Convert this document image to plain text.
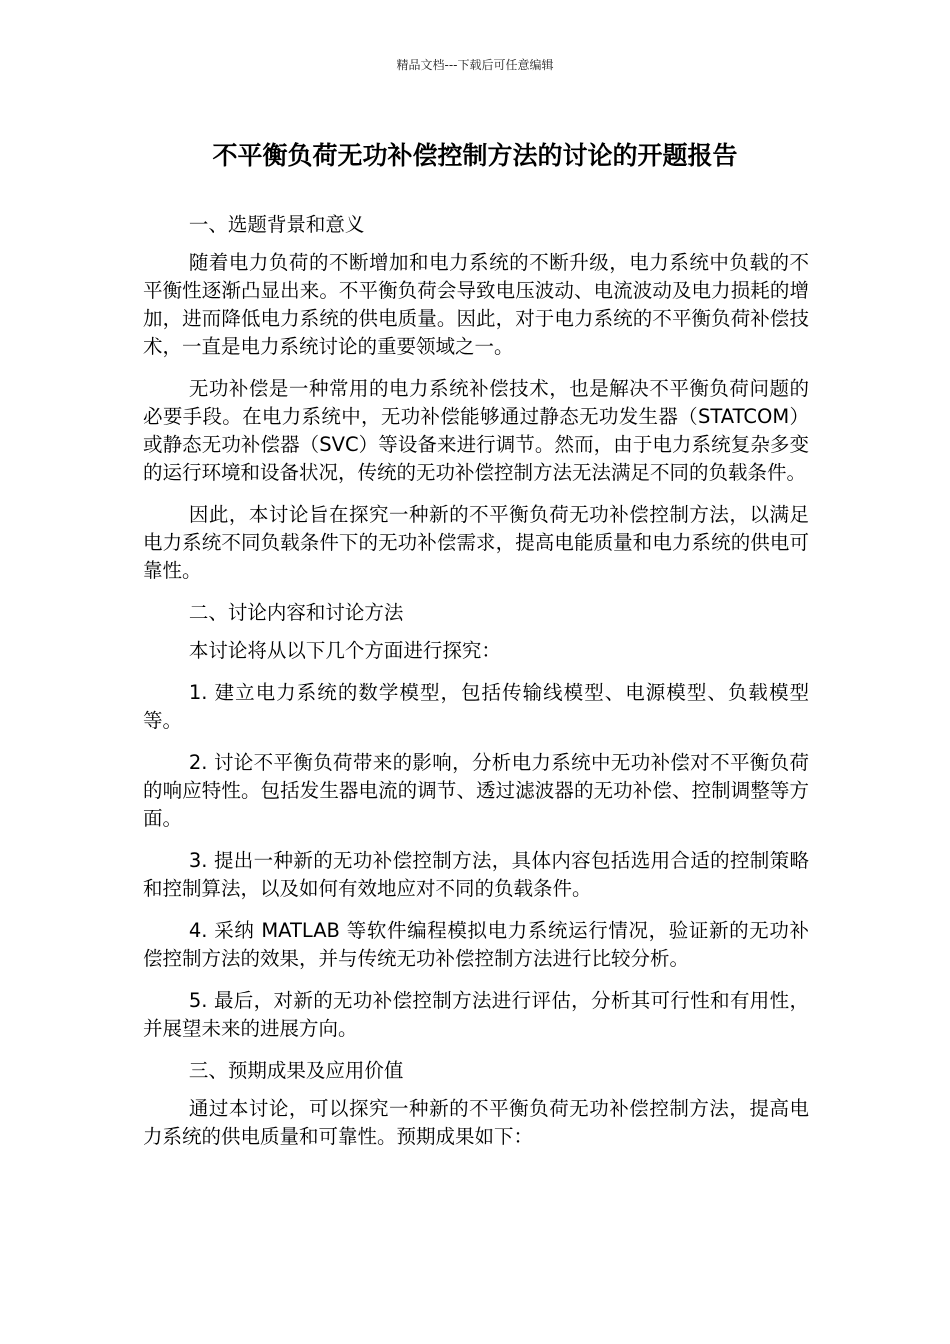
精品文档---下载后可任意编辑
不平衡负荷无功补偿控制方法的讨论的开题报告

一、选题背景和意义

随着电力负荷的不断增加和电力系统的不断升级，电力系统中负载的不平衡性逐渐凸显出来。不平衡负荷会导致电压波动、电流波动及电力损耗的增加，进而降低电力系统的供电质量。因此，对于电力系统的不平衡负荷补偿技术，一直是电力系统讨论的重要领域之一。

无功补偿是一种常用的电力系统补偿技术，也是解决不平衡负荷问题的必要手段。在电力系统中，无功补偿能够通过静态无功发生器（STATCOM）或静态无功补偿器（SVC）等设备来进行调节。然而，由于电力系统复杂多变的运行环境和设备状况，传统的无功补偿控制方法无法满足不同的负载条件。

因此，本讨论旨在探究一种新的不平衡负荷无功补偿控制方法，以满足电力系统不同负载条件下的无功补偿需求，提高电能质量和电力系统的供电可靠性。

二、讨论内容和讨论方法

本讨论将从以下几个方面进行探究：

1. 建立电力系统的数学模型，包括传输线模型、电源模型、负载模型等。

2. 讨论不平衡负荷带来的影响，分析电力系统中无功补偿对不平衡负荷的响应特性。包括发生器电流的调节、透过滤波器的无功补偿、控制调整等方面。

3. 提出一种新的无功补偿控制方法，具体内容包括选用合适的控制策略和控制算法，以及如何有效地应对不同的负载条件。

4. 采纳 MATLAB 等软件编程模拟电力系统运行情况，验证新的无功补偿控制方法的效果，并与传统无功补偿控制方法进行比较分析。

5. 最后，对新的无功补偿控制方法进行评估，分析其可行性和有用性，并展望未来的进展方向。

三、预期成果及应用价值

通过本讨论，可以探究一种新的不平衡负荷无功补偿控制方法，提高电力系统的供电质量和可靠性。预期成果如下：
